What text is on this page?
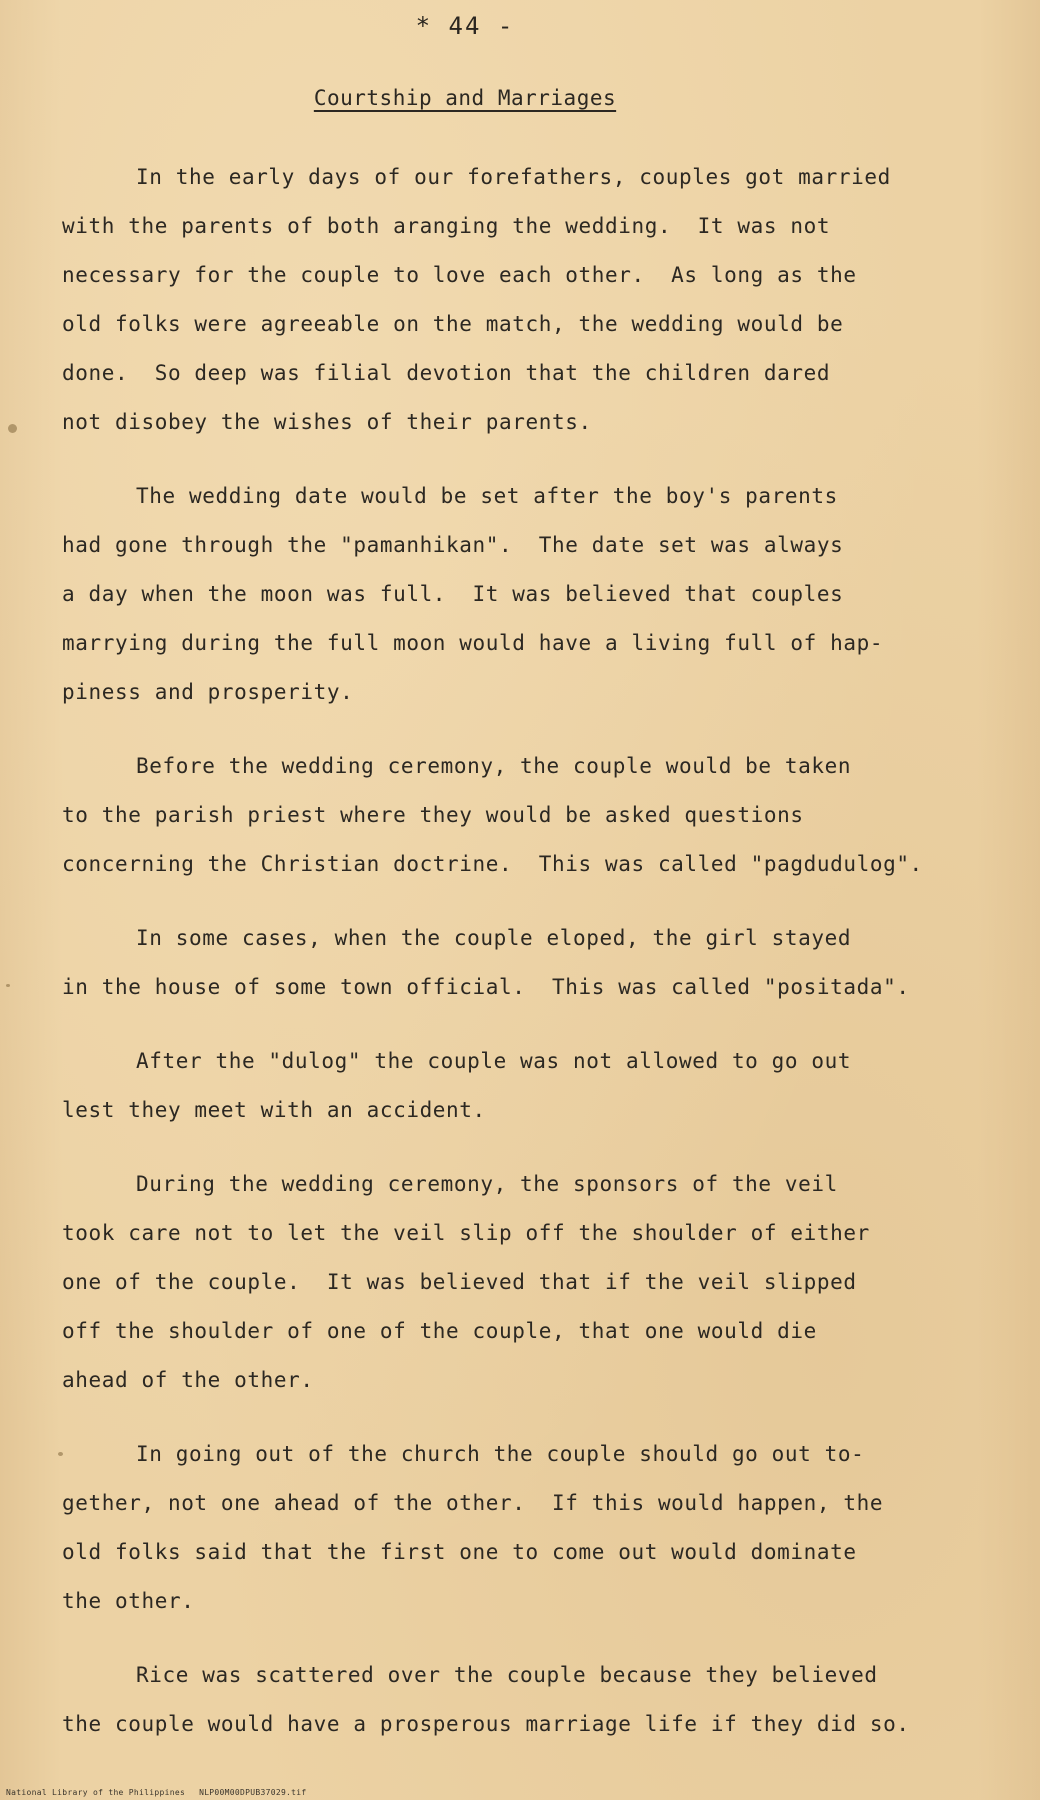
* 44 -
Courtship and Marriages
In the early days of our forefathers, couples got married
with the parents of both aranging the wedding.  It was not
necessary for the couple to love each other.  As long as the
old folks were agreeable on the match, the wedding would be
done.  So deep was filial devotion that the children dared
not disobey the wishes of their parents.
The wedding date would be set after the boy's parents
had gone through the "pamanhikan".  The date set was always
a day when the moon was full.  It was believed that couples
marrying during the full moon would have a living full of hap-
piness and prosperity.
Before the wedding ceremony, the couple would be taken
to the parish priest where they would be asked questions
concerning the Christian doctrine.  This was called "pagdudulog".
In some cases, when the couple eloped, the girl stayed
in the house of some town official.  This was called "positada".
After the "dulog" the couple was not allowed to go out
lest they meet with an accident.
During the wedding ceremony, the sponsors of the veil
took care not to let the veil slip off the shoulder of either
one of the couple.  It was believed that if the veil slipped
off the shoulder of one of the couple, that one would die
ahead of the other.
In going out of the church the couple should go out to-
gether, not one ahead of the other.  If this would happen, the
old folks said that the first one to come out would dominate
the other.
Rice was scattered over the couple because they believed
the couple would have a prosperous marriage life if they did so.
National Library of the Philippines NLP00M00DPUB37029.tif
